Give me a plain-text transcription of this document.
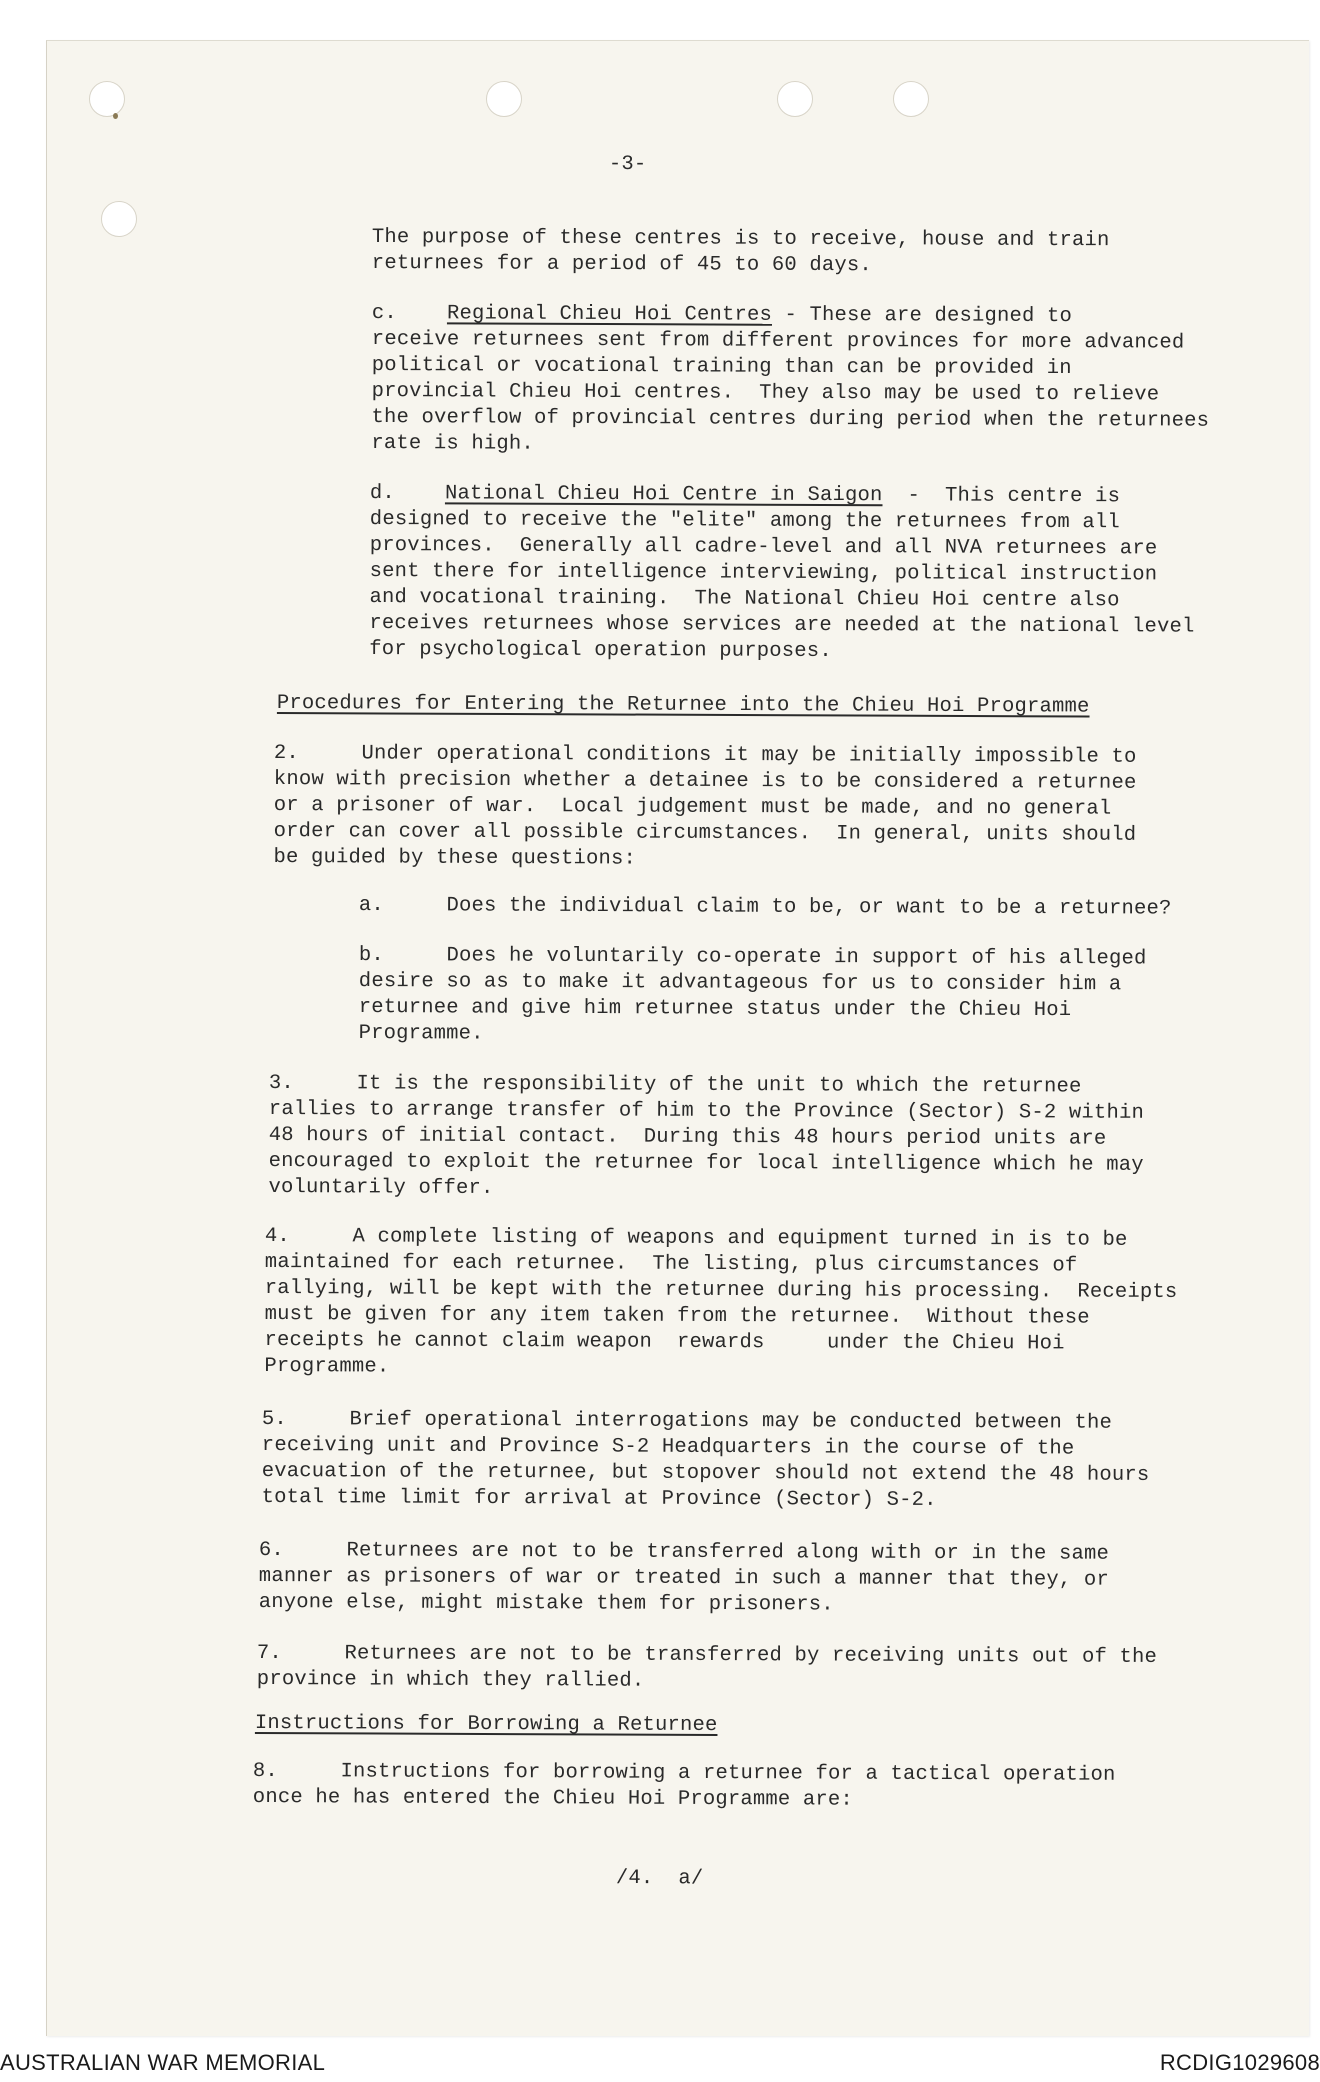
-3-
The purpose of these centres is to receive, house and train
returnees for a period of 45 to 60 days.
c. Regional Chieu Hoi Centres - These are designed to
receive returnees sent from different provinces for more advanced
political or vocational training than can be provided in
provincial Chieu Hoi centres.  They also may be used to relieve
the overflow of provincial centres during period when the returnees
rate is high.
d. National Chieu Hoi Centre in Saigon  -  This centre is
designed to receive the "elite" among the returnees from all
provinces.  Generally all cadre-level and all NVA returnees are
sent there for intelligence interviewing, political instruction
and vocational training.  The National Chieu Hoi centre also
receives returnees whose services are needed at the national level
for psychological operation purposes.
Procedures for Entering the Returnee into the Chieu Hoi Programme
2.     Under operational conditions it may be initially impossible to
know with precision whether a detainee is to be considered a returnee
or a prisoner of war.  Local judgement must be made, and no general
order can cover all possible circumstances.  In general, units should
be guided by these questions:
a.     Does the individual claim to be, or want to be a returnee?
b.     Does he voluntarily co-operate in support of his alleged
desire so as to make it advantageous for us to consider him a
returnee and give him returnee status under the Chieu Hoi
Programme.
3.     It is the responsibility of the unit to which the returnee
rallies to arrange transfer of him to the Province (Sector) S-2 within
48 hours of initial contact.  During this 48 hours period units are
encouraged to exploit the returnee for local intelligence which he may
voluntarily offer.
4.     A complete listing of weapons and equipment turned in is to be
maintained for each returnee.  The listing, plus circumstances of
rallying, will be kept with the returnee during his processing.  Receipts
must be given for any item taken from the returnee.  Without these
receipts he cannot claim weapon  rewards     under the Chieu Hoi
Programme.
5.     Brief operational interrogations may be conducted between the
receiving unit and Province S-2 Headquarters in the course of the
evacuation of the returnee, but stopover should not extend the 48 hours
total time limit for arrival at Province (Sector) S-2.
6.     Returnees are not to be transferred along with or in the same
manner as prisoners of war or treated in such a manner that they, or
anyone else, might mistake them for prisoners.
7.     Returnees are not to be transferred by receiving units out of the
province in which they rallied.
Instructions for Borrowing a Returnee
8.     Instructions for borrowing a returnee for a tactical operation
once he has entered the Chieu Hoi Programme are:
/4.  a/
AUSTRALIAN WAR MEMORIAL	RCDIG1029608
